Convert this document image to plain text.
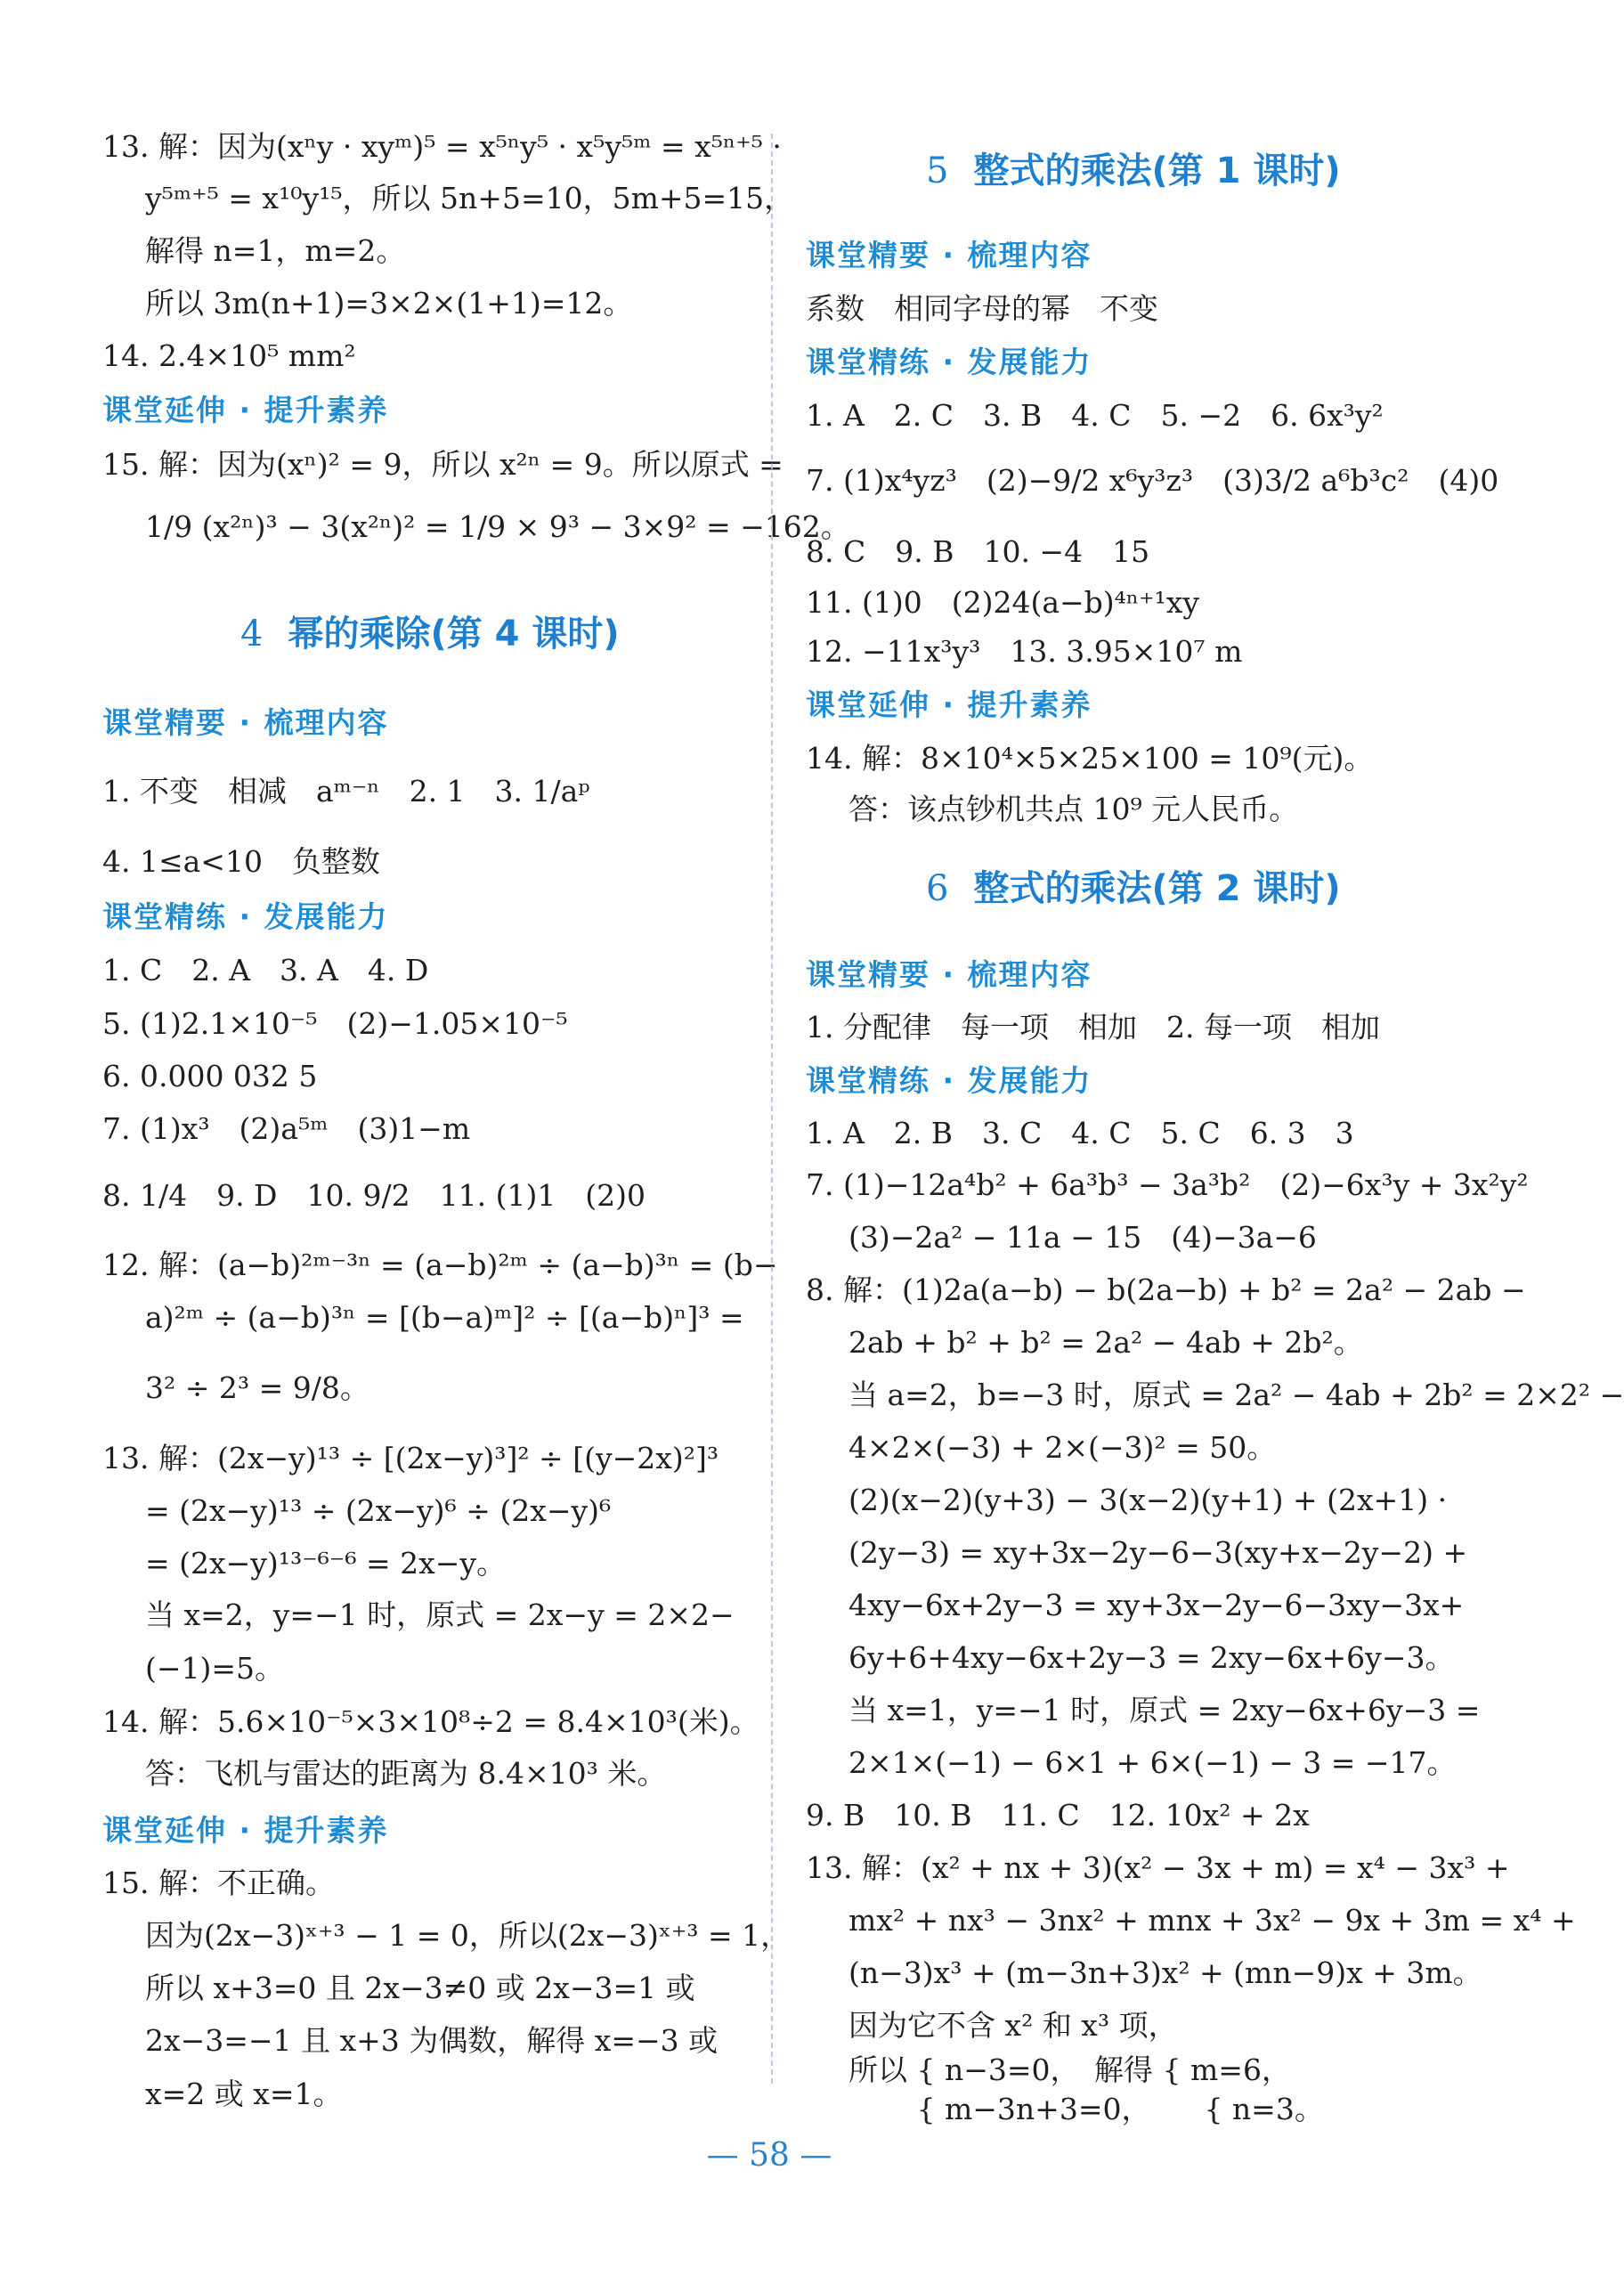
13. 解：因为(xⁿy · xyᵐ)⁵ = x⁵ⁿy⁵ · x⁵y⁵ᵐ = x⁵ⁿ⁺⁵ ·
y⁵ᵐ⁺⁵ = x¹⁰y¹⁵，所以 5n+5=10，5m+5=15，
解得 n=1，m=2。
所以 3m(n+1)=3×2×(1+1)=12。
14. 2.4×10⁵ mm²
课堂延伸 · 提升素养
15. 解：因为(xⁿ)² = 9，所以 x²ⁿ = 9。所以原式 =
1/9 (x²ⁿ)³ − 3(x²ⁿ)² = 1/9 × 9³ − 3×9² = −162。
4 幂的乘除(第 4 课时)
课堂精要 · 梳理内容
1. 不变　相减　aᵐ⁻ⁿ　2. 1　3. 1/aᵖ
4. 1≤a<10　负整数
课堂精练 · 发展能力
1. C　2. A　3. A　4. D
5. (1)2.1×10⁻⁵　(2)−1.05×10⁻⁵
6. 0.000 032 5
7. (1)x³　(2)a⁵ᵐ　(3)1−m
8. 1/4　9. D　10. 9/2　11. (1)1　(2)0
12. 解：(a−b)²ᵐ⁻³ⁿ = (a−b)²ᵐ ÷ (a−b)³ⁿ = (b−
a)²ᵐ ÷ (a−b)³ⁿ = [(b−a)ᵐ]² ÷ [(a−b)ⁿ]³ =
3² ÷ 2³ = 9/8。
13. 解：(2x−y)¹³ ÷ [(2x−y)³]² ÷ [(y−2x)²]³
= (2x−y)¹³ ÷ (2x−y)⁶ ÷ (2x−y)⁶
= (2x−y)¹³⁻⁶⁻⁶ = 2x−y。
当 x=2，y=−1 时，原式 = 2x−y = 2×2−
(−1)=5。
14. 解：5.6×10⁻⁵×3×10⁸÷2 = 8.4×10³(米)。
答：飞机与雷达的距离为 8.4×10³ 米。
课堂延伸 · 提升素养
15. 解：不正确。
因为(2x−3)ˣ⁺³ − 1 = 0，所以(2x−3)ˣ⁺³ = 1，
所以 x+3=0 且 2x−3≠0 或 2x−3=1 或
2x−3=−1 且 x+3 为偶数，解得 x=−3 或
x=2 或 x=1。
5 整式的乘法(第 1 课时)
课堂精要 · 梳理内容
系数　相同字母的幂　不变
课堂精练 · 发展能力
1. A　2. C　3. B　4. C　5. −2　6. 6x³y²
7. (1)x⁴yz³　(2)−9/2 x⁶y³z³　(3)3/2 a⁶b³c²　(4)0
8. C　9. B　10. −4　15
11. (1)0　(2)24(a−b)⁴ⁿ⁺¹xy
12. −11x³y³　13. 3.95×10⁷ m
课堂延伸 · 提升素养
14. 解：8×10⁴×5×25×100 = 10⁹(元)。
答：该点钞机共点 10⁹ 元人民币。
6 整式的乘法(第 2 课时)
课堂精要 · 梳理内容
1. 分配律　每一项　相加　2. 每一项　相加
课堂精练 · 发展能力
1. A　2. B　3. C　4. C　5. C　6. 3　3
7. (1)−12a⁴b² + 6a³b³ − 3a³b²　(2)−6x³y + 3x²y²
(3)−2a² − 11a − 15　(4)−3a−6
8. 解：(1)2a(a−b) − b(2a−b) + b² = 2a² − 2ab −
2ab + b² + b² = 2a² − 4ab + 2b²。
当 a=2，b=−3 时，原式 = 2a² − 4ab + 2b² = 2×2² −
4×2×(−3) + 2×(−3)² = 50。
(2)(x−2)(y+3) − 3(x−2)(y+1) + (2x+1) ·
(2y−3) = xy+3x−2y−6−3(xy+x−2y−2) +
4xy−6x+2y−3 = xy+3x−2y−6−3xy−3x+
6y+6+4xy−6x+2y−3 = 2xy−6x+6y−3。
当 x=1，y=−1 时，原式 = 2xy−6x+6y−3 =
2×1×(−1) − 6×1 + 6×(−1) − 3 = −17。
9. B　10. B　11. C　12. 10x² + 2x
13. 解：(x² + nx + 3)(x² − 3x + m) = x⁴ − 3x³ +
mx² + nx³ − 3nx² + mnx + 3x² − 9x + 3m = x⁴ +
(n−3)x³ + (m−3n+3)x² + (mn−9)x + 3m。
因为它不含 x² 和 x³ 项，
所以 { n−3=0，　解得 { m=6，
　　 { m−3n+3=0，　　 { n=3。
— 58 —
